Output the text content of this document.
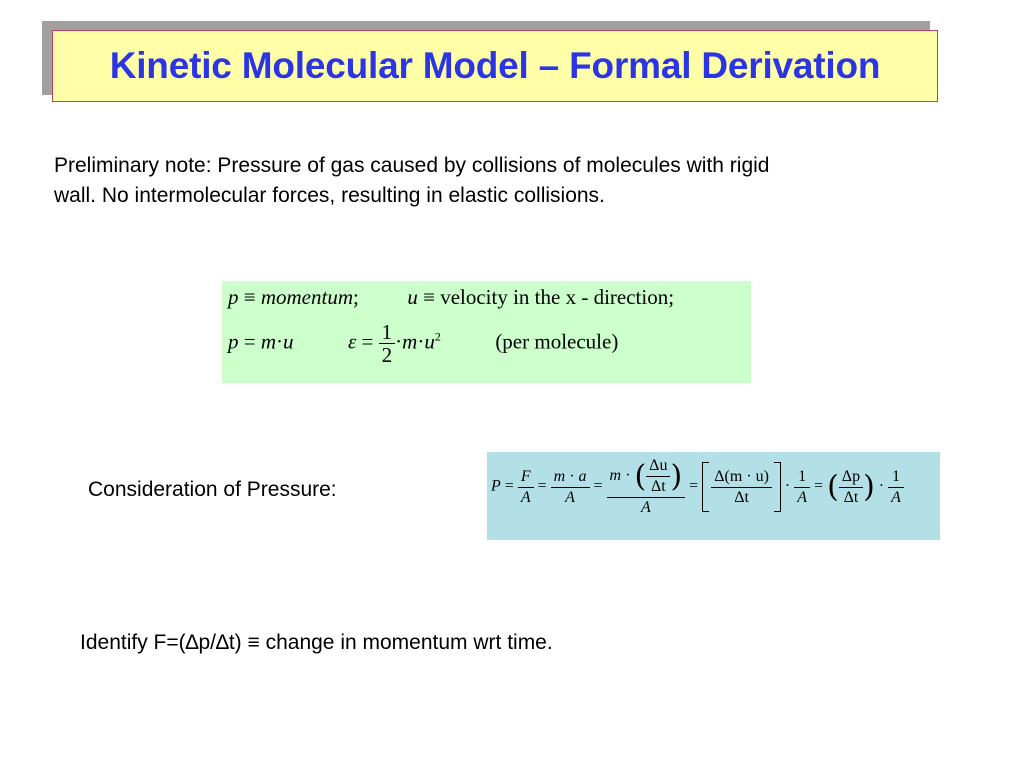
Kinetic Molecular Model – Formal Derivation
Preliminary note: Pressure of gas caused by collisions of molecules with rigid
wall. No intermolecular forces, resulting in elastic collisions.
p ≡ momentum; u ≡ velocity in the x - direction;
p = m·u	$\varepsilon = \frac{1}{2} \cdot m\cdot u^2$	(per molecule)
Consideration of Pressure:	$P = \frac{F}{A} = \frac{m \cdot a}{A} = \frac{m \cdot ( \frac{\Delta u}{\Delta t} )}{A} = \frac{\Delta(m \cdot u)}{\Delta t} \cdot \frac{1}{A}$ = ( $\frac{\Delta p}{\Delta t}$ ) · $\frac{1}{A}$
Identify F=(∆p/∆t) ≡ change in momentum wrt time.
